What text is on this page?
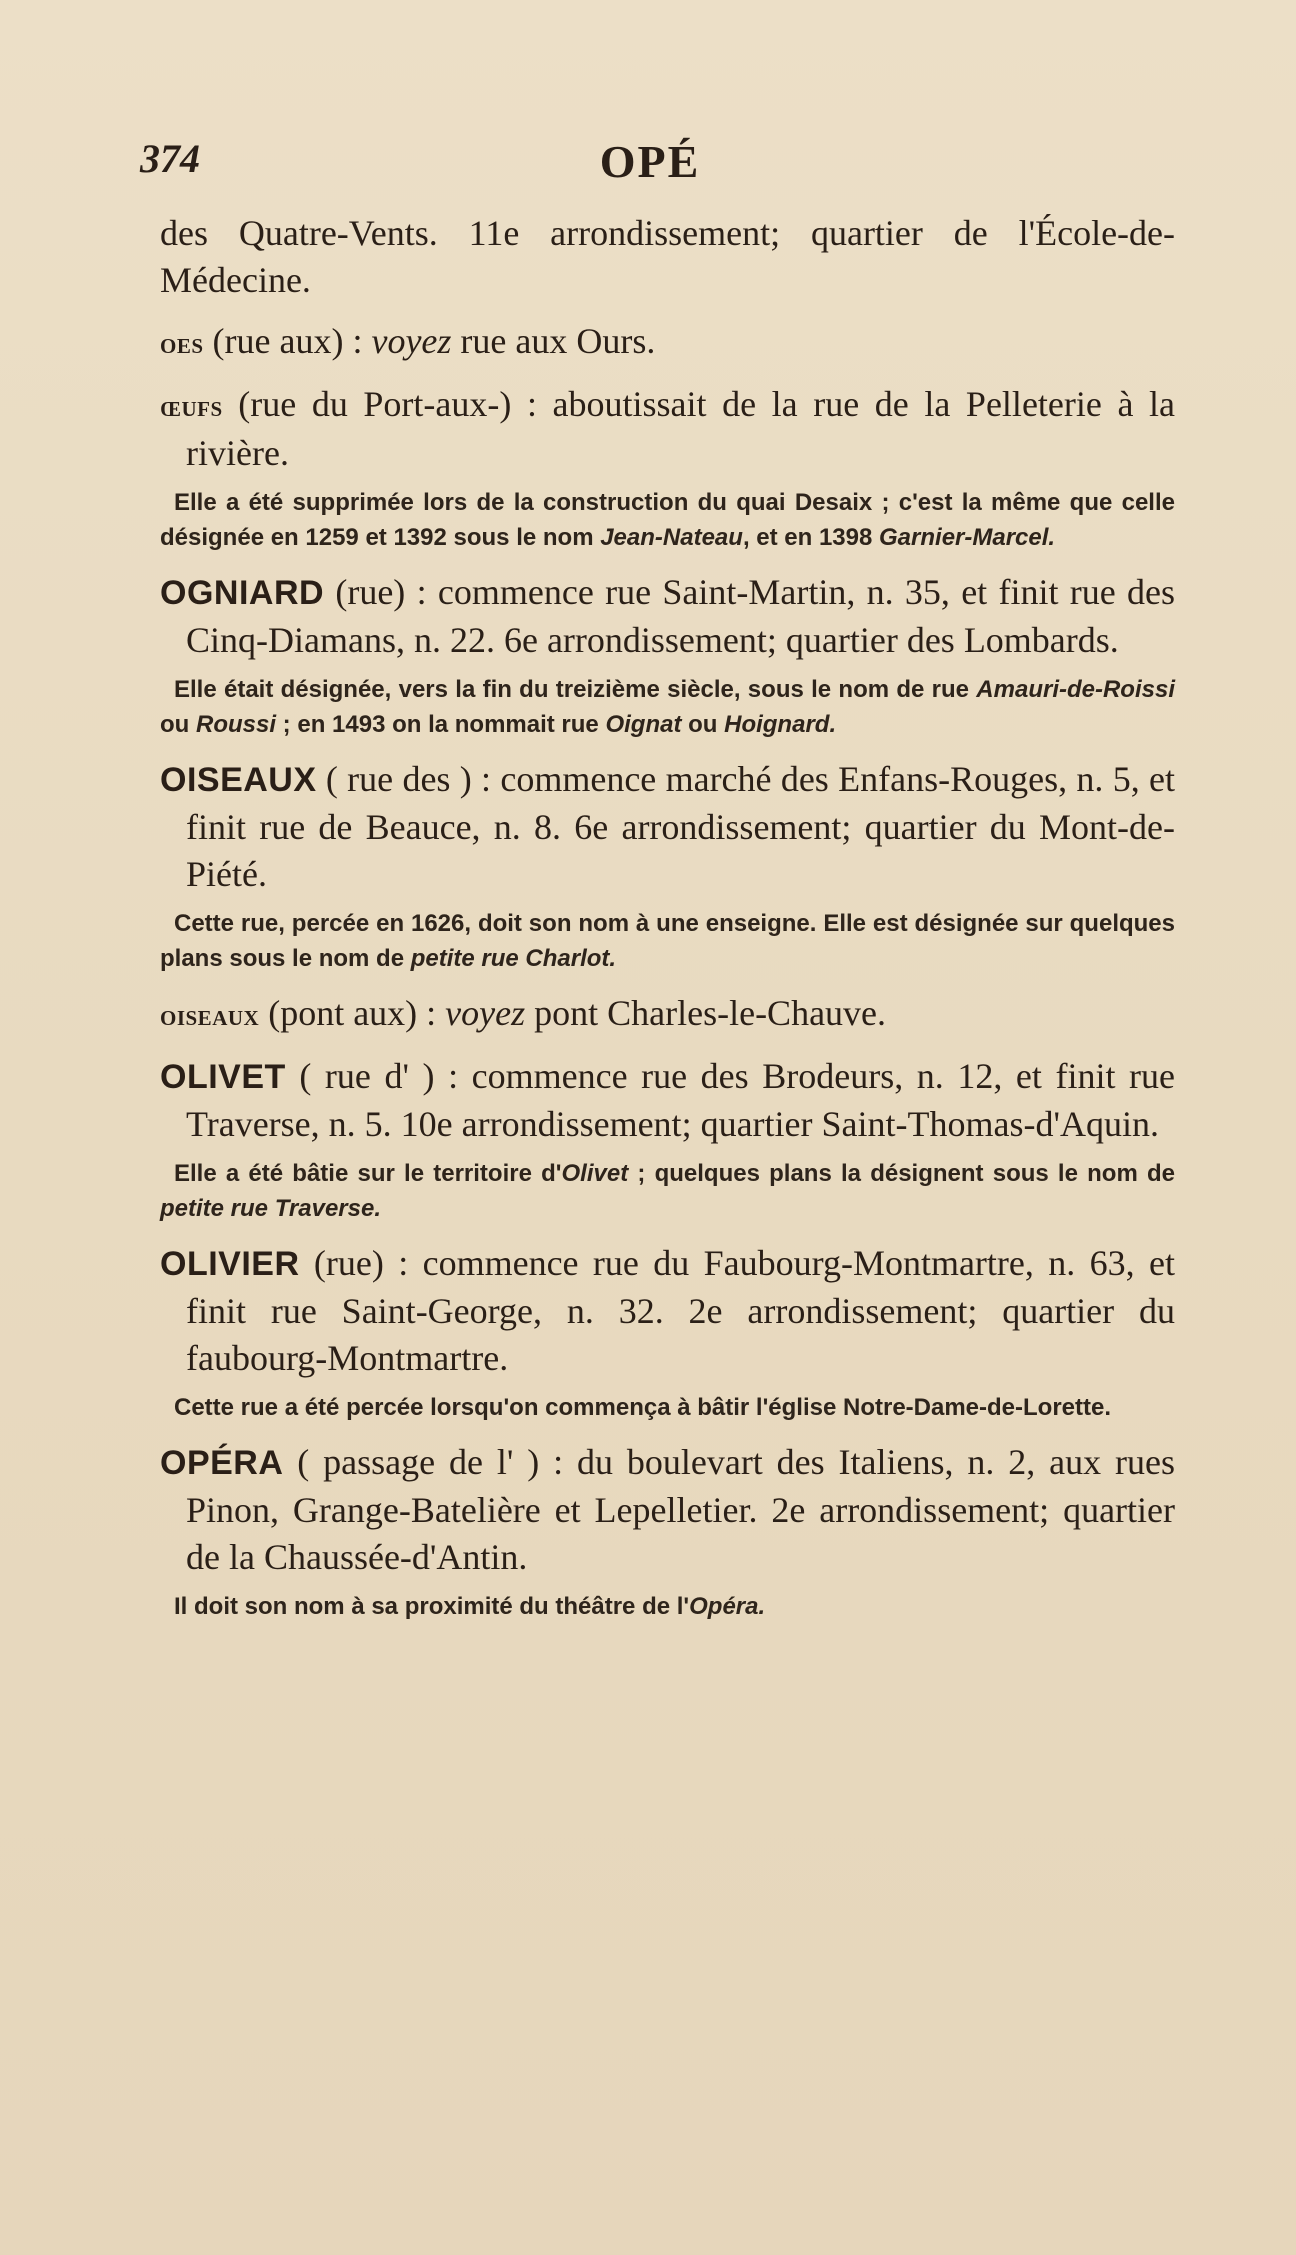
374	OPÉ
des Quatre-Vents. 11e arrondissement; quartier de l'École-de-Médecine.
oes (rue aux) : voyez rue aux Ours.
œufs (rue du Port-aux-) : aboutissait de la rue de la Pelleterie à la rivière.
Elle a été supprimée lors de la construction du quai Desaix ; c'est la même que celle désignée en 1259 et 1392 sous le nom Jean-Nateau, et en 1398 Garnier-Marcel.
OGNIARD (rue) : commence rue Saint-Martin, n. 35, et finit rue des Cinq-Diamans, n. 22. 6e arrondissement; quartier des Lombards.
Elle était désignée, vers la fin du treizième siècle, sous le nom de rue Amauri-de-Roissi ou Roussi ; en 1493 on la nommait rue Oignat ou Hoignard.
OISEAUX ( rue des ) : commence marché des Enfans-Rouges, n. 5, et finit rue de Beauce, n. 8. 6e arrondissement; quartier du Mont-de-Piété.
Cette rue, percée en 1626, doit son nom à une enseigne. Elle est désignée sur quelques plans sous le nom de petite rue Charlot.
oiseaux (pont aux) : voyez pont Charles-le-Chauve.
OLIVET ( rue d' ) : commence rue des Brodeurs, n. 12, et finit rue Traverse, n. 5. 10e arrondissement; quartier Saint-Thomas-d'Aquin.
Elle a été bâtie sur le territoire d'Olivet ; quelques plans la désignent sous le nom de petite rue Traverse.
OLIVIER (rue) : commence rue du Faubourg-Montmartre, n. 63, et finit rue Saint-George, n. 32. 2e arrondissement; quartier du faubourg-Montmartre.
Cette rue a été percée lorsqu'on commença à bâtir l'église Notre-Dame-de-Lorette.
OPÉRA ( passage de l' ) : du boulevart des Italiens, n. 2, aux rues Pinon, Grange-Batelière et Lepelletier. 2e arrondissement; quartier de la Chaussée-d'Antin.
Il doit son nom à sa proximité du théâtre de l'Opéra.
